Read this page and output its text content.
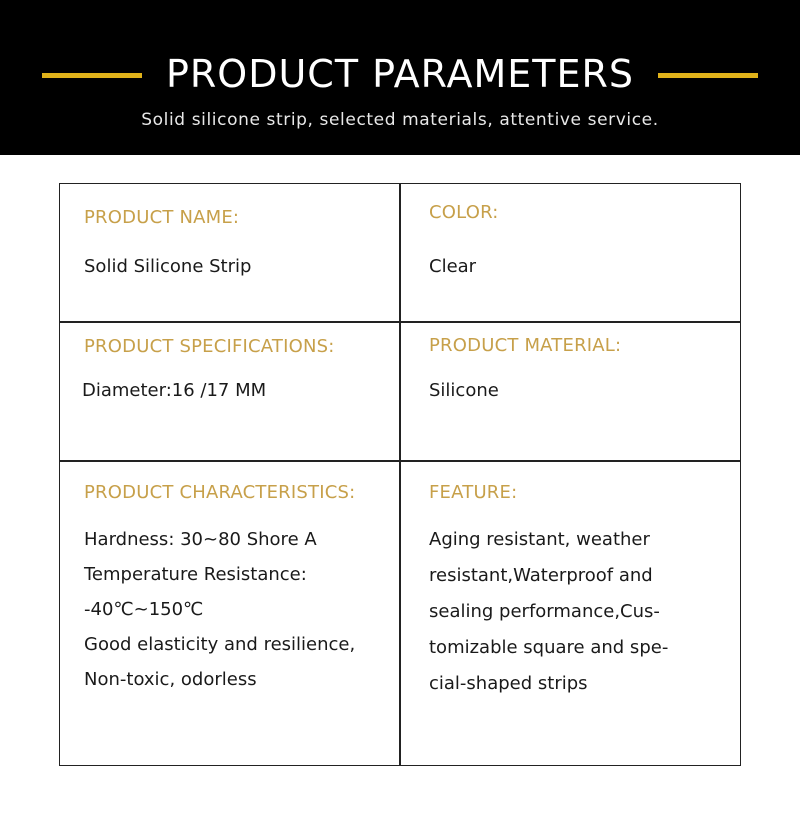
PRODUCT PARAMETERS
Solid silicone strip, selected materials, attentive service.
PRODUCT NAME:
Solid Silicone Strip
COLOR:
Clear
PRODUCT SPECIFICATIONS:
Diameter:16 /17 MM
PRODUCT MATERIAL:
Silicone
PRODUCT CHARACTERISTICS:
Hardness: 30~80 Shore A
Temperature Resistance:
-40℃~150℃
Good elasticity and resilience,
Non-toxic, odorless
FEATURE:
Aging resistant, weather
resistant,Waterproof and
sealing performance,Cus-
tomizable square and spe-
cial-shaped strips
